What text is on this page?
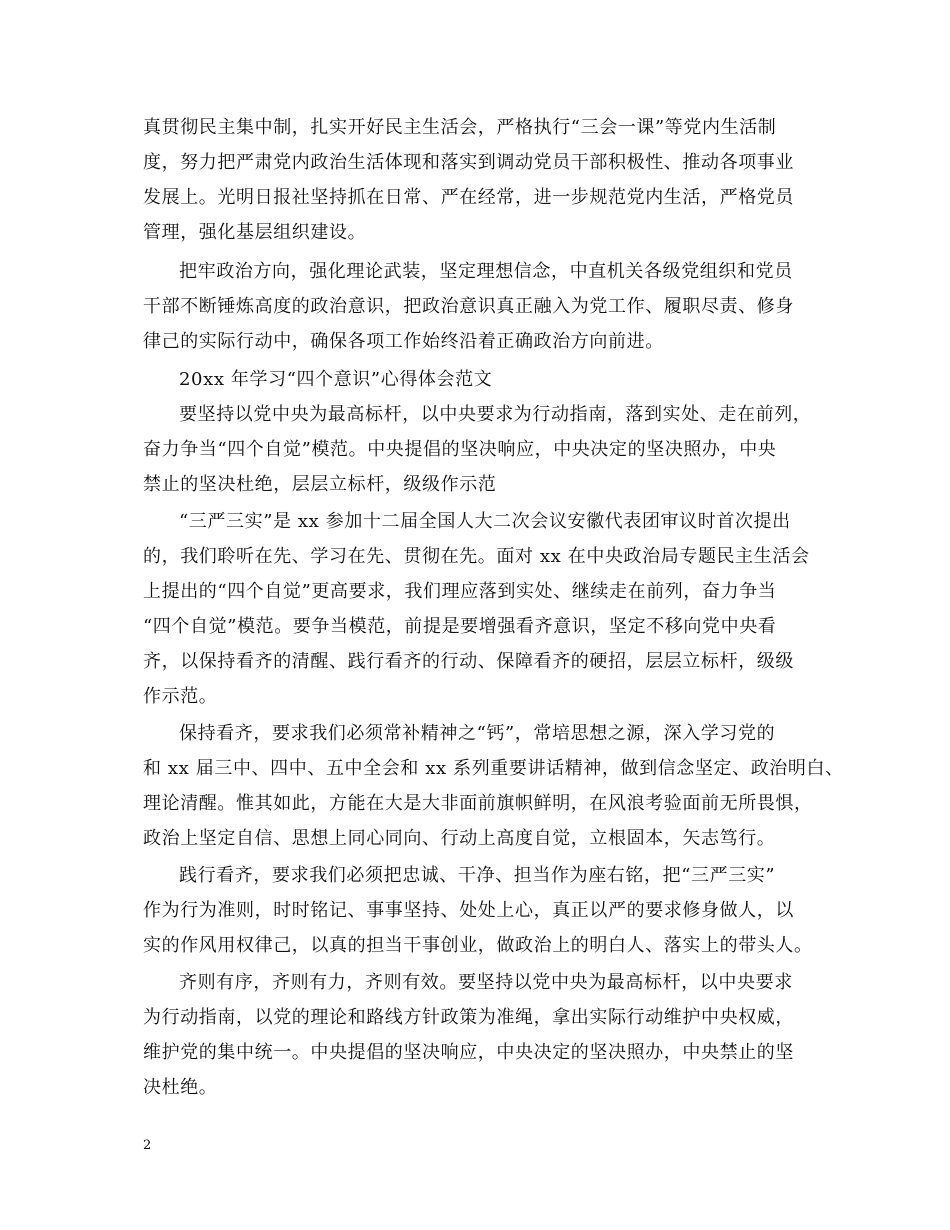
真贯彻民主集中制，扎实开好民主生活会，严格执行“三会一课”等党内生活制
度，努力把严肃党内政治生活体现和落实到调动党员干部积极性、推动各项事业
发展上。光明日报社坚持抓在日常、严在经常，进一步规范党内生活，严格党员
管理，强化基层组织建设。
把牢政治方向，强化理论武装，坚定理想信念，中直机关各级党组织和党员
干部不断锤炼高度的政治意识，把政治意识真正融入为党工作、履职尽责、修身
律己的实际行动中，确保各项工作始终沿着正确政治方向前进。
20xx 年学习“四个意识”心得体会范文
要坚持以党中央为最高标杆，以中央要求为行动指南，落到实处、走在前列，
奋力争当“四个自觉”模范。中央提倡的坚决响应，中央决定的坚决照办，中央
禁止的坚决杜绝，层层立标杆，级级作示范
“三严三实”是 xx 参加十二届全国人大二次会议安徽代表团审议时首次提出
的，我们聆听在先、学习在先、贯彻在先。面对 xx 在中央政治局专题民主生活会
上提出的“四个自觉”更高要求，我们理应落到实处、继续走在前列，奋力争当
“四个自觉”模范。要争当模范，前提是要增强看齐意识，坚定不移向党中央看
齐，以保持看齐的清醒、践行看齐的行动、保障看齐的硬招，层层立标杆，级级
作示范。
保持看齐，要求我们必须常补精神之“钙”，常培思想之源，深入学习党的
和 xx 届三中、四中、五中全会和 xx 系列重要讲话精神，做到信念坚定、政治明白、
理论清醒。惟其如此，方能在大是大非面前旗帜鲜明，在风浪考验面前无所畏惧，
政治上坚定自信、思想上同心同向、行动上高度自觉，立根固本，矢志笃行。
践行看齐，要求我们必须把忠诚、干净、担当作为座右铭，把“三严三实”
作为行为准则，时时铭记、事事坚持、处处上心，真正以严的要求修身做人，以
实的作风用权律己，以真的担当干事创业，做政治上的明白人、落实上的带头人。
齐则有序，齐则有力，齐则有效。要坚持以党中央为最高标杆，以中央要求
为行动指南，以党的理论和路线方针政策为准绳，拿出实际行动维护中央权威，
维护党的集中统一。中央提倡的坚决响应，中央决定的坚决照办，中央禁止的坚
决杜绝。
2
